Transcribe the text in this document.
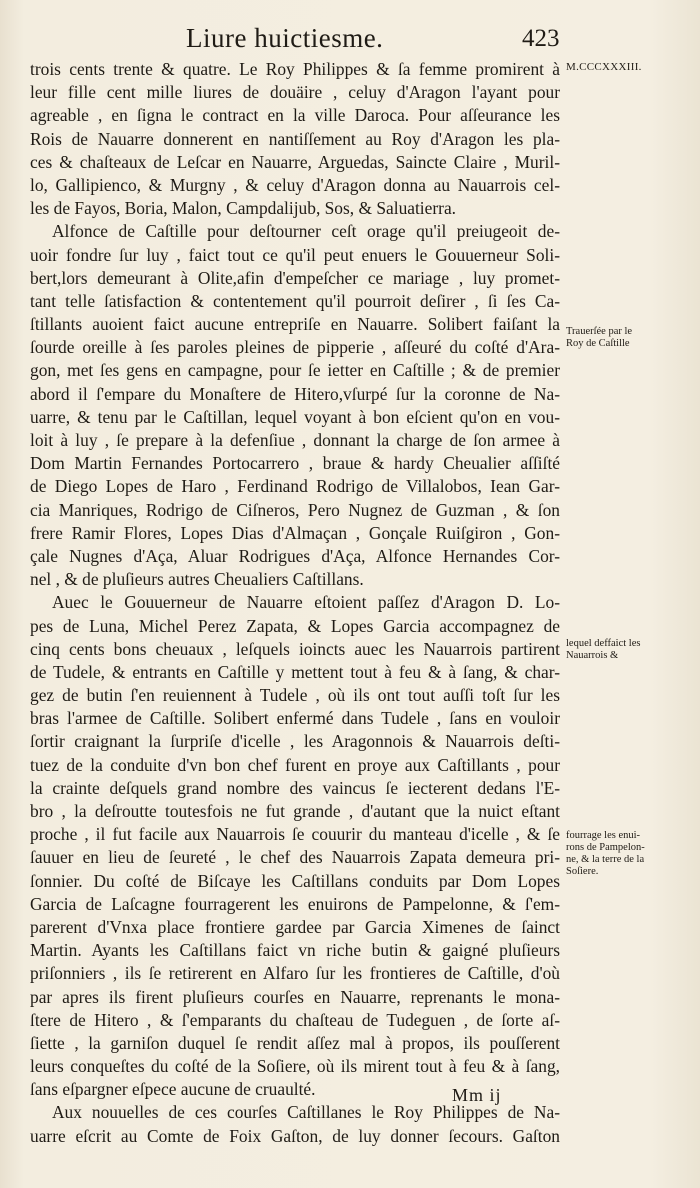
Liure huictiesme.	423
trois cents trente & quatre. Le Roy Philippes & ſa femme promirent à
leur fille cent mille liures de douäire , celuy d'Aragon l'ayant pour
agreable , en ſigna le contract en la ville Daroca. Pour aſſeurance les
Rois de Nauarre donnerent en nantiſſement au Roy d'Aragon les pla-
ces & chaſteaux de Leſcar en Nauarre, Arguedas, Saincte Claire , Muril-
lo, Gallipienco, & Murgny , & celuy d'Aragon donna au Nauarrois cel-
les de Fayos, Boria, Malon, Campdalijub, Sos, & Saluatierra.
Alfonce de Caſtille pour deſtourner ceſt orage qu'il preiugeoit de-
uoir fondre ſur luy , faict tout ce qu'il peut enuers le Gouuerneur Soli-
bert,lors demeurant à Olite,afin d'empeſcher ce mariage , luy promet-
tant telle ſatisfaction & contentement qu'il pourroit deſirer , ſi ſes Ca-
ſtillants auoient faict aucune entrepriſe en Nauarre. Solibert faiſant la
ſourde oreille à ſes paroles pleines de pipperie , aſſeuré du coſté d'Ara-
gon, met ſes gens en campagne, pour ſe ietter en Caſtille ; & de premier
abord il ſ'empare du Monaſtere de Hitero,vſurpé ſur la coronne de Na-
uarre, & tenu par le Caſtillan, lequel voyant à bon eſcient qu'on en vou-
loit à luy , ſe prepare à la defenſiue , donnant la charge de ſon armee à
Dom Martin Fernandes Portocarrero , braue & hardy Cheualier aſſiſté
de Diego Lopes de Haro , Ferdinand Rodrigo de Villalobos, Iean Gar-
cia Manriques, Rodrigo de Ciſneros, Pero Nugnez de Guzman , & ſon
frere Ramir Flores, Lopes Dias d'Almaçan , Gonçale Ruiſgiron , Gon-
çale Nugnes d'Aça, Aluar Rodrigues d'Aça, Alfonce Hernandes Cor-
nel , & de pluſieurs autres Cheualiers Caſtillans.
Auec le Gouuerneur de Nauarre eſtoient paſſez d'Aragon D. Lo-
pes de Luna, Michel Perez Zapata, & Lopes Garcia accompagnez de
cinq cents bons cheuaux , leſquels ioincts auec les Nauarrois partirent
de Tudele, & entrants en Caſtille y mettent tout à feu & à ſang, & char-
gez de butin ſ'en reuiennent à Tudele , où ils ont tout auſſi toſt ſur les
bras l'armee de Caſtille. Solibert enfermé dans Tudele , ſans en vouloir
ſortir craignant la ſurpriſe d'icelle , les Aragonnois & Nauarrois deſti-
tuez de la conduite d'vn bon chef furent en proye aux Caſtillants , pour
la crainte deſquels grand nombre des vaincus ſe iecterent dedans l'E-
bro , la deſroutte toutesfois ne fut grande , d'autant que la nuict eſtant
proche , il fut facile aux Nauarrois ſe couurir du manteau d'icelle , & ſe
ſauuer en lieu de ſeureté , le chef des Nauarrois Zapata demeura pri-
ſonnier. Du coſté de Biſcaye les Caſtillans conduits par Dom Lopes
Garcia de Laſcagne fourragerent les enuirons de Pampelonne, & ſ'em-
parerent d'Vnxa place frontiere gardee par Garcia Ximenes de ſainct
Martin. Ayants les Caſtillans faict vn riche butin & gaigné pluſieurs
priſonniers , ils ſe retirerent en Alfaro ſur les frontieres de Caſtille, d'où
par apres ils firent pluſieurs courſes en Nauarre, reprenants le mona-
ſtere de Hitero , & ſ'emparants du chaſteau de Tudeguen , de ſorte aſ-
ſiette , la garniſon duquel ſe rendit aſſez mal à propos, ils pouſſerent
leurs conqueſtes du coſté de la Soſiere, où ils mirent tout à feu & à ſang,
ſans eſpargner eſpece aucune de cruaulté.
Aux nouuelles de ces courſes Caſtillanes le Roy Philippes de Na-
uarre eſcrit au Comte de Foix Gaſton, de luy donner ſecours. Gaſton
M.CCCXXXIII.
Trauerſée par le
Roy de Caſtille
lequel deffaict les
Nauarrois &
fourrage les enui-
rons de Pampelon-
ne, & la terre de la
Soſiere.
Mm ij
